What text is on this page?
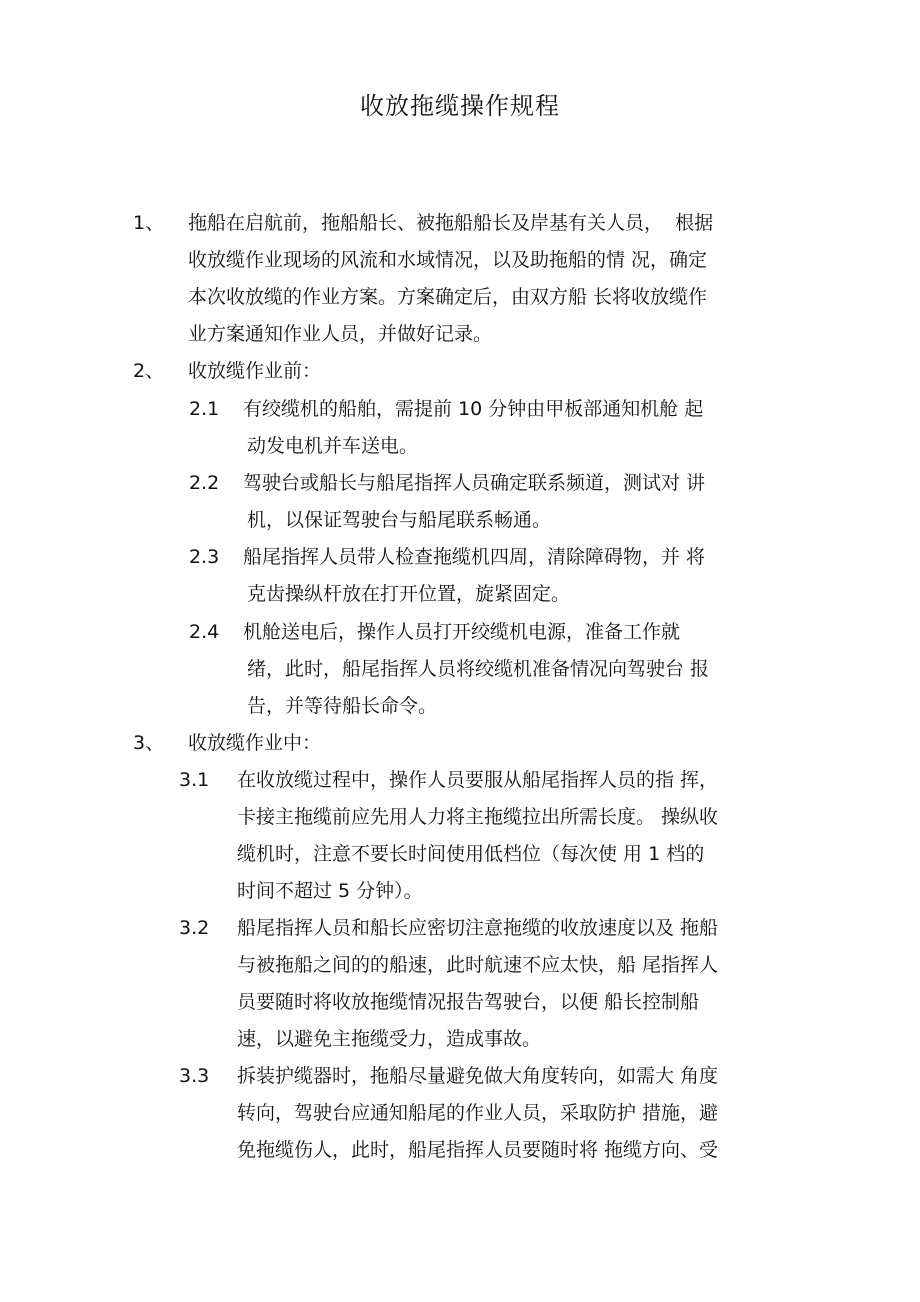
收放拖缆操作规程
1、 拖船在启航前，拖船船长、被拖船船长及岸基有关人员，  根据
收放缆作业现场的风流和水域情况，以及助拖船的情 况，确定
本次收放缆的作业方案。方案确定后，由双方船 长将收放缆作
业方案通知作业人员，并做好记录。
2、 收放缆作业前：
2.1 有绞缆机的船舶，需提前 10 分钟由甲板部通知机舱 起
动发电机并车送电。
2.2 驾驶台或船长与船尾指挥人员确定联系频道，测试对 讲
机，以保证驾驶台与船尾联系畅通。
2.3 船尾指挥人员带人检查拖缆机四周，清除障碍物，并 将
克齿操纵杆放在打开位置，旋紧固定。
2.4 机舱送电后，操作人员打开绞缆机电源，准备工作就
绪，此时，船尾指挥人员将绞缆机准备情况向驾驶台 报
告，并等待船长命令。
3、 收放缆作业中：
3.1 在收放缆过程中，操作人员要服从船尾指挥人员的指 挥，
卡接主拖缆前应先用人力将主拖缆拉出所需长度。 操纵收
缆机时，注意不要长时间使用低档位（每次使 用 1 档的
时间不超过 5 分钟）。
3.2 船尾指挥人员和船长应密切注意拖缆的收放速度以及 拖船
与被拖船之间的的船速，此时航速不应太快，船 尾指挥人
员要随时将收放拖缆情况报告驾驶台，以便 船长控制船
速，以避免主拖缆受力，造成事故。
3.3 拆装护缆器时，拖船尽量避免做大角度转向，如需大 角度
转向，驾驶台应通知船尾的作业人员，采取防护 措施，避
免拖缆伤人，此时，船尾指挥人员要随时将 拖缆方向、受
